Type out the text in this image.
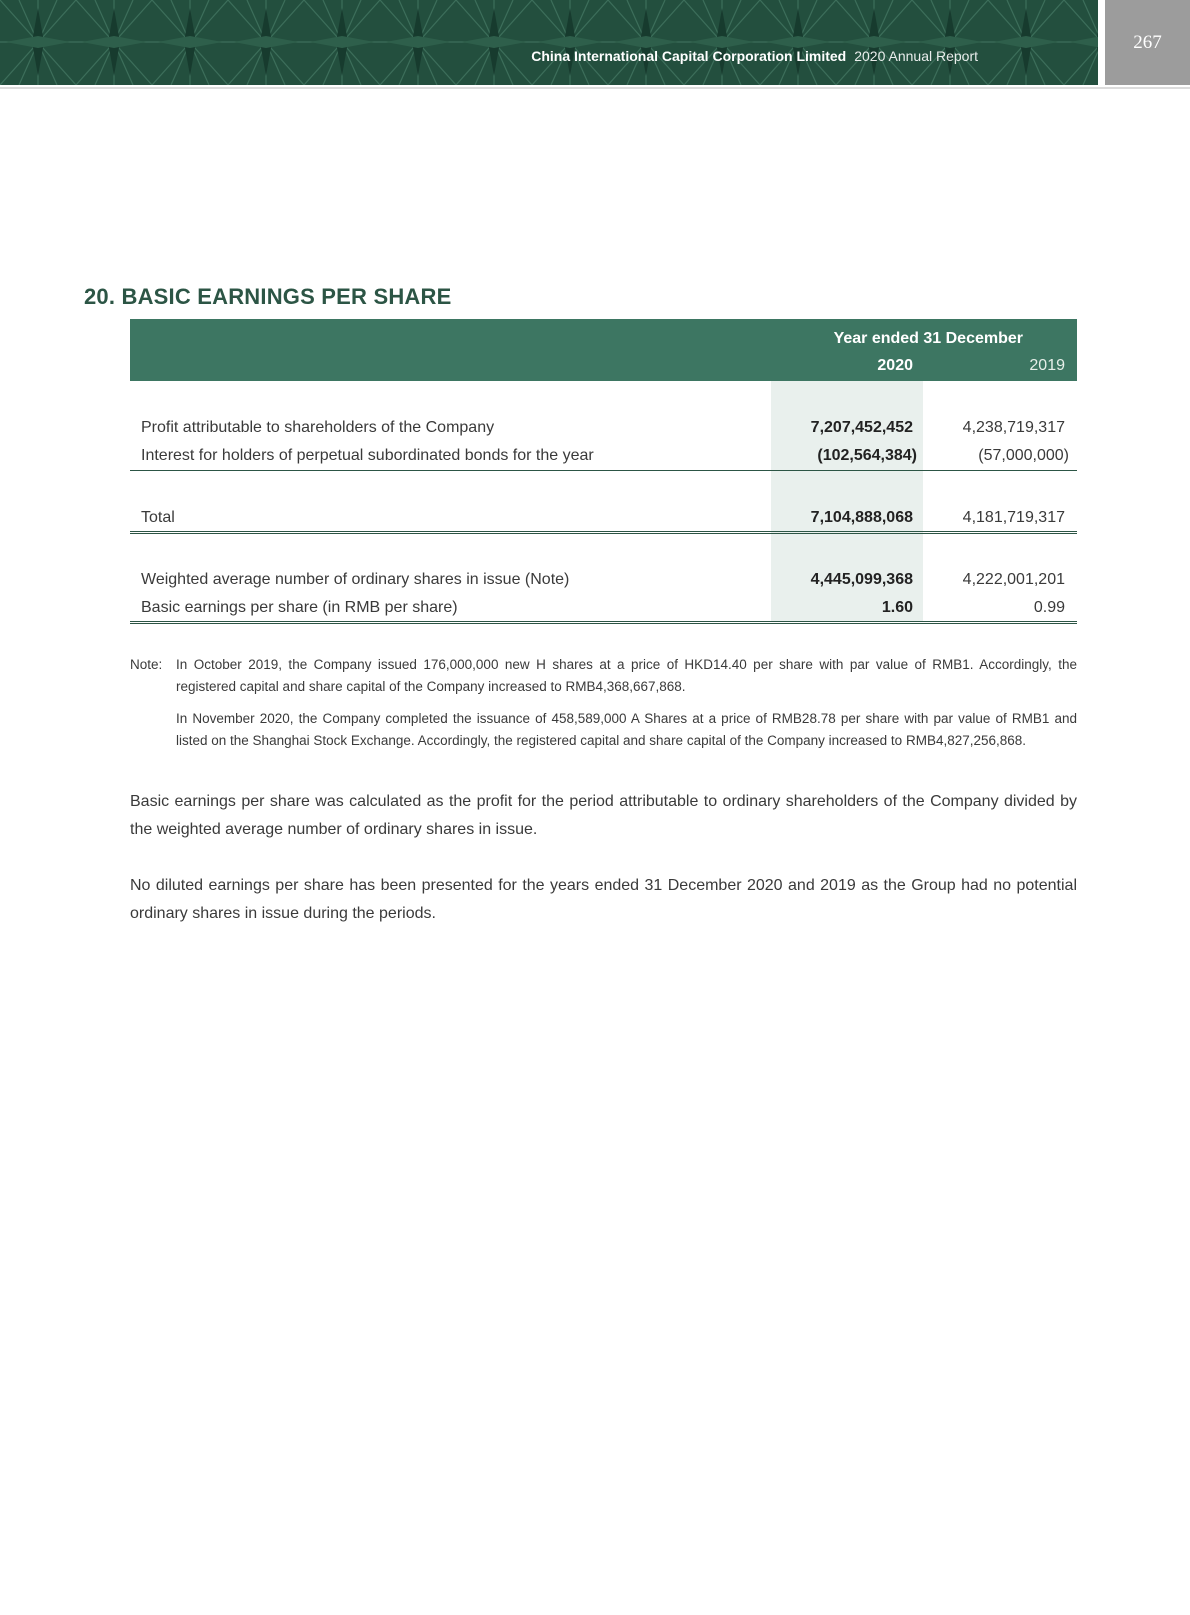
China International Capital Corporation Limited 2020 Annual Report
267
20. BASIC EARNINGS PER SHARE
Year ended 31 December
2020	2019
Profit attributable to shareholders of the Company	7,207,452,452	4,238,719,317
Interest for holders of perpetual subordinated bonds for the year	(102,564,384)	(57,000,000)
Total	7,104,888,068	4,181,719,317
Weighted average number of ordinary shares in issue (Note)	4,445,099,368	4,222,001,201
Basic earnings per share (in RMB per share)	1.60	0.99
Note: In October 2019, the Company issued 176,000,000 new H shares at a price of HKD14.40 per share with par value of RMB1. Accordingly, the registered capital and share capital of the Company increased to RMB4,368,667,868.
In November 2020, the Company completed the issuance of 458,589,000 A Shares at a price of RMB28.78 per share with par value of RMB1 and listed on the Shanghai Stock Exchange. Accordingly, the registered capital and share capital of the Company increased to RMB4,827,256,868.
Basic earnings per share was calculated as the profit for the period attributable to ordinary shareholders of the Company divided by the weighted average number of ordinary shares in issue.
No diluted earnings per share has been presented for the years ended 31 December 2020 and 2019 as the Group had no potential ordinary shares in issue during the periods.
